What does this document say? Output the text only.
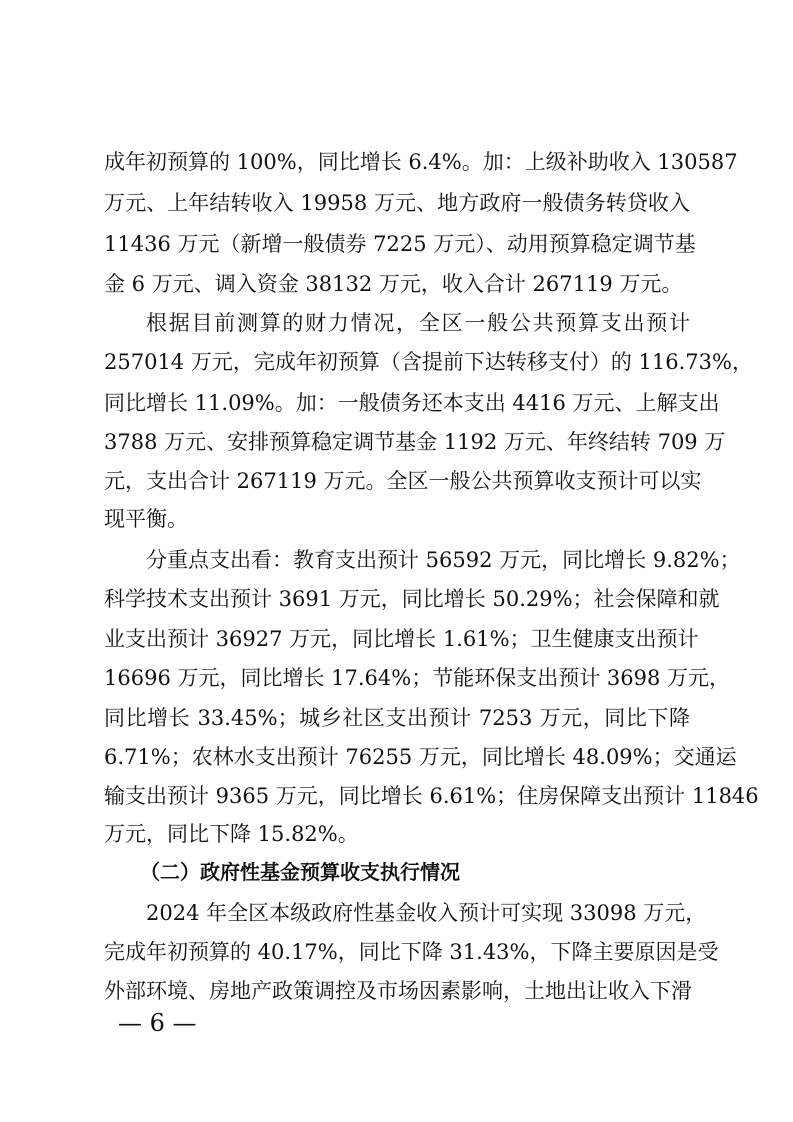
成年初预算的 100%，同比增长 6.4%。加：上级补助收入 130587
万元、上年结转收入 19958 万元、地方政府一般债务转贷收入
11436 万元（新增一般债券 7225 万元）、动用预算稳定调节基
金 6 万元、调入资金 38132 万元，收入合计 267119 万元。
根据目前测算的财力情况，全区一般公共预算支出预计
257014 万元，完成年初预算（含提前下达转移支付）的 116.73%，
同比增长 11.09%。加：一般债务还本支出 4416 万元、上解支出
3788 万元、安排预算稳定调节基金 1192 万元、年终结转 709 万
元，支出合计 267119 万元。全区一般公共预算收支预计可以实
现平衡。
分重点支出看：教育支出预计 56592 万元，同比增长 9.82%；
科学技术支出预计 3691 万元，同比增长 50.29%；社会保障和就
业支出预计 36927 万元，同比增长 1.61%；卫生健康支出预计
16696 万元，同比增长 17.64%；节能环保支出预计 3698 万元，
同比增长 33.45%；城乡社区支出预计 7253 万元，同比下降
6.71%；农林水支出预计 76255 万元，同比增长 48.09%；交通运
输支出预计 9365 万元，同比增长 6.61%；住房保障支出预计 11846
万元，同比下降 15.82%。
（二）政府性基金预算收支执行情况
2024 年全区本级政府性基金收入预计可实现 33098 万元，
完成年初预算的 40.17%，同比下降 31.43%，下降主要原因是受
外部环境、房地产政策调控及市场因素影响，土地出让收入下滑
— 6 —
